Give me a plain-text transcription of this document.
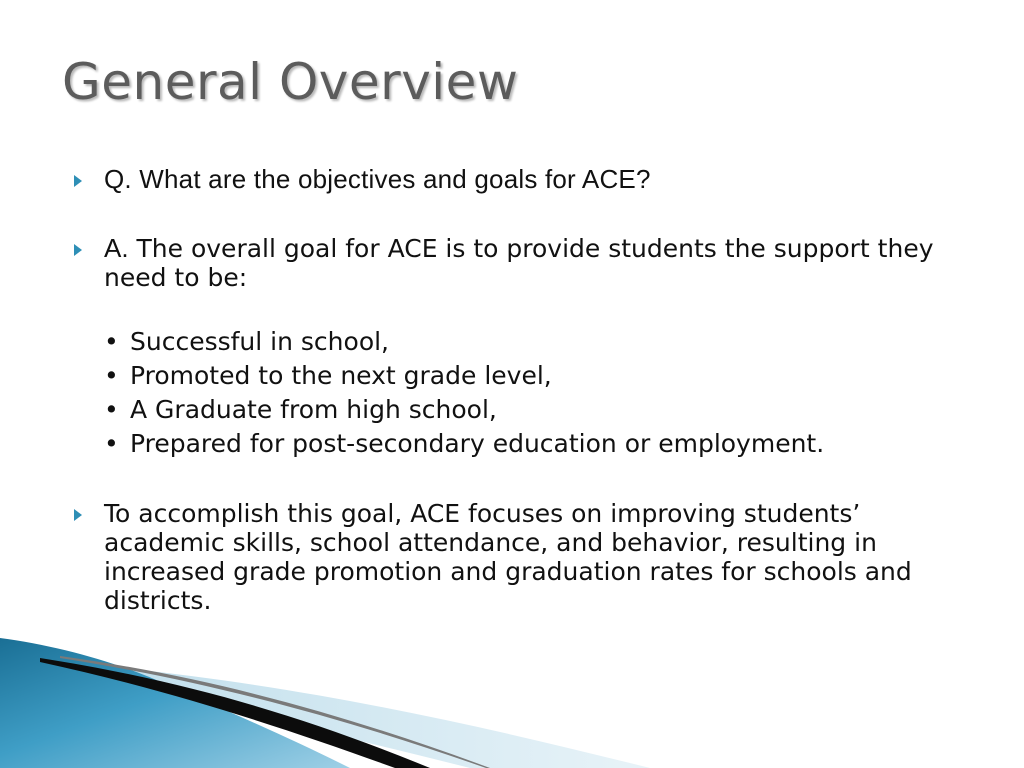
General Overview
Q. What are the objectives and goals for ACE?
A. The overall goal for ACE is to provide students the support they need to be:
• Successful in school,
• Promoted to the next grade level,
• A Graduate from high school,
• Prepared for post-secondary education or employment.
To accomplish this goal, ACE focuses on improving students’ academic skills, school attendance, and behavior, resulting in increased grade promotion and graduation rates for schools and districts.
